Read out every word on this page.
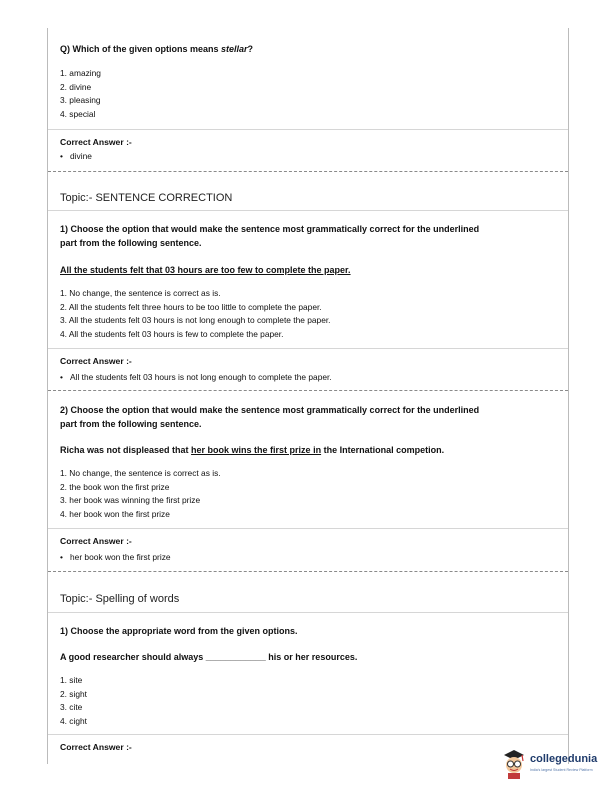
Q) Which of the given options means stellar?
1. amazing
2. divine
3. pleasing
4. special
Correct Answer :-
• divine
Topic:- SENTENCE CORRECTION
1) Choose the option that would make the sentence most grammatically correct for the underlined
part from the following sentence.
All the students felt that 03 hours are too few to complete the paper.
1. No change, the sentence is correct as is.
2. All the students felt three hours to be too little to complete the paper.
3. All the students felt 03 hours is not long enough to complete the paper.
4. All the students felt 03 hours is few to complete the paper.
Correct Answer :-
• All the students felt 03 hours is not long enough to complete the paper.
2) Choose the option that would make the sentence most grammatically correct for the underlined
part from the following sentence.
Richa was not displeased that her book wins the first prize in the International competion.
1. No change, the sentence is correct as is.
2. the book won the first prize
3. her book was winning the first prize
4. her book won the first prize
Correct Answer :-
• her book won the first prize
Topic:- Spelling of words
1) Choose the appropriate word from the given options.
A good researcher should always ____________ his or her resources.
1. site
2. sight
3. cite
4. cight
Correct Answer :-
collegedunia
India's largest Student Review Platform
